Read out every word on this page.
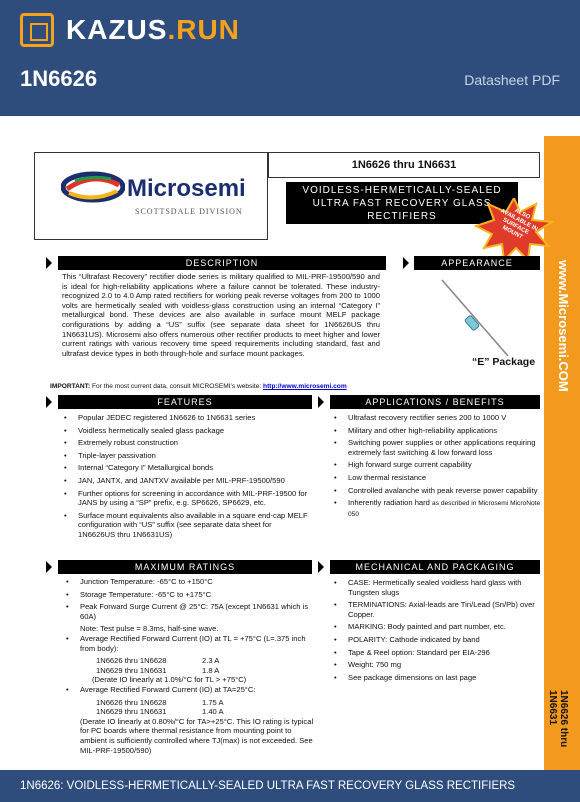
KAZUS.RUN
1N6626	Datasheet PDF
www.Microsemi.COM
1N6626 thru 1N6631
Microsemi
SCOTTSDALE DIVISION
1N6626 thru 1N6631
VOIDLESS-HERMETICALLY-SEALED
ULTRA FAST RECOVERY GLASS
RECTIFIERS	ALSO AVAILABLE IN SURFACE MOUNT
DESCRIPTION
This “Ultrafast Recovery” rectifier diode series is military qualified to MIL-PRF-19500/590 and is ideal for high-reliability applications where a failure cannot be tolerated. These industry-recognized 2.0 to 4.0 Amp rated rectifiers for working peak reverse voltages from 200 to 1000 volts are hermetically sealed with voidless-glass construction using an internal “Category I” metallurgical bond. These devices are also available in surface mount MELF package configurations by adding a “US” suffix (see separate data sheet for 1N6626US thru 1N6631US). Microsemi also offers numerous other rectifier products to meet higher and lower current ratings with various recovery time speed requirements including standard, fast and ultrafast device types in both through-hole and surface mount packages.
APPEARANCE
“E” Package
IMPORTANT: For the most current data, consult MICROSEMI’s website: http://www.microsemi.com
FEATURES
• Popular JEDEC registered 1N6626 to 1N6631 series
• Voidless hermetically sealed glass package
• Extremely robust construction
• Triple-layer passivation
• Internal “Category I” Metallurgical bonds
• JAN, JANTX, and JANTXV available per MIL-PRF-19500/590
• Further options for screening in accordance with MIL-PRF-19500 for JANS by using a “SP” prefix, e.g. SP6626, SP6629, etc.
• Surface mount equivalents also available in a square end-cap MELF configuration with “US” suffix (see separate data sheet for 1N6626US thru 1N6631US)
APPLICATIONS / BENEFITS
• Ultrafast recovery rectifier series 200 to 1000 V
• Military and other high-reliability applications
• Switching power supplies or other applications requiring extremely fast switching & low forward loss
• High forward surge current capability
• Low thermal resistance
• Controlled avalanche with peak reverse power capability
• Inherently radiation hard as described in Microsemi MicroNote 050
MAXIMUM RATINGS
• Junction Temperature: -65°C to +150°C
• Storage Temperature: -65°C to +175°C
• Peak Forward Surge Current @ 25°C: 75A (except 1N6631 which is 60A)
Note: Test pulse = 8.3ms, half-sine wave.
• Average Rectified Forward Current (IO) at TL = +75°C (L=.375 inch from body):
1N6626 thru 1N6628	2.3 A
1N6629 thru 1N6631	1.8 A
(Derate IO linearly at 1.0%/°C for TL > +75°C)
• Average Rectified Forward Current (IO) at TA=25°C:
1N6626 thru 1N6628	1.75 A
1N6629 thru 1N6631	1.40 A
(Derate IO linearly at 0.80%/°C for TA>+25°C. This IO rating is typical for PC boards where thermal resistance from mounting point to ambient is sufficiently controlled where TJ(max) is not exceeded. See MIL-PRF-19500/590)
MECHANICAL AND PACKAGING
• CASE: Hermetically sealed voidless hard glass with Tungsten slugs
• TERMINATIONS: Axial-leads are Tin/Lead (Sn/Pb) over Copper.
• MARKING: Body painted and part number, etc.
• POLARITY: Cathode indicated by band
• Tape & Reel option: Standard per EIA-296
• Weight: 750 mg
• See package dimensions on last page
1N6626: VOIDLESS-HERMETICALLY-SEALED ULTRA FAST RECOVERY GLASS RECTIFIERS
